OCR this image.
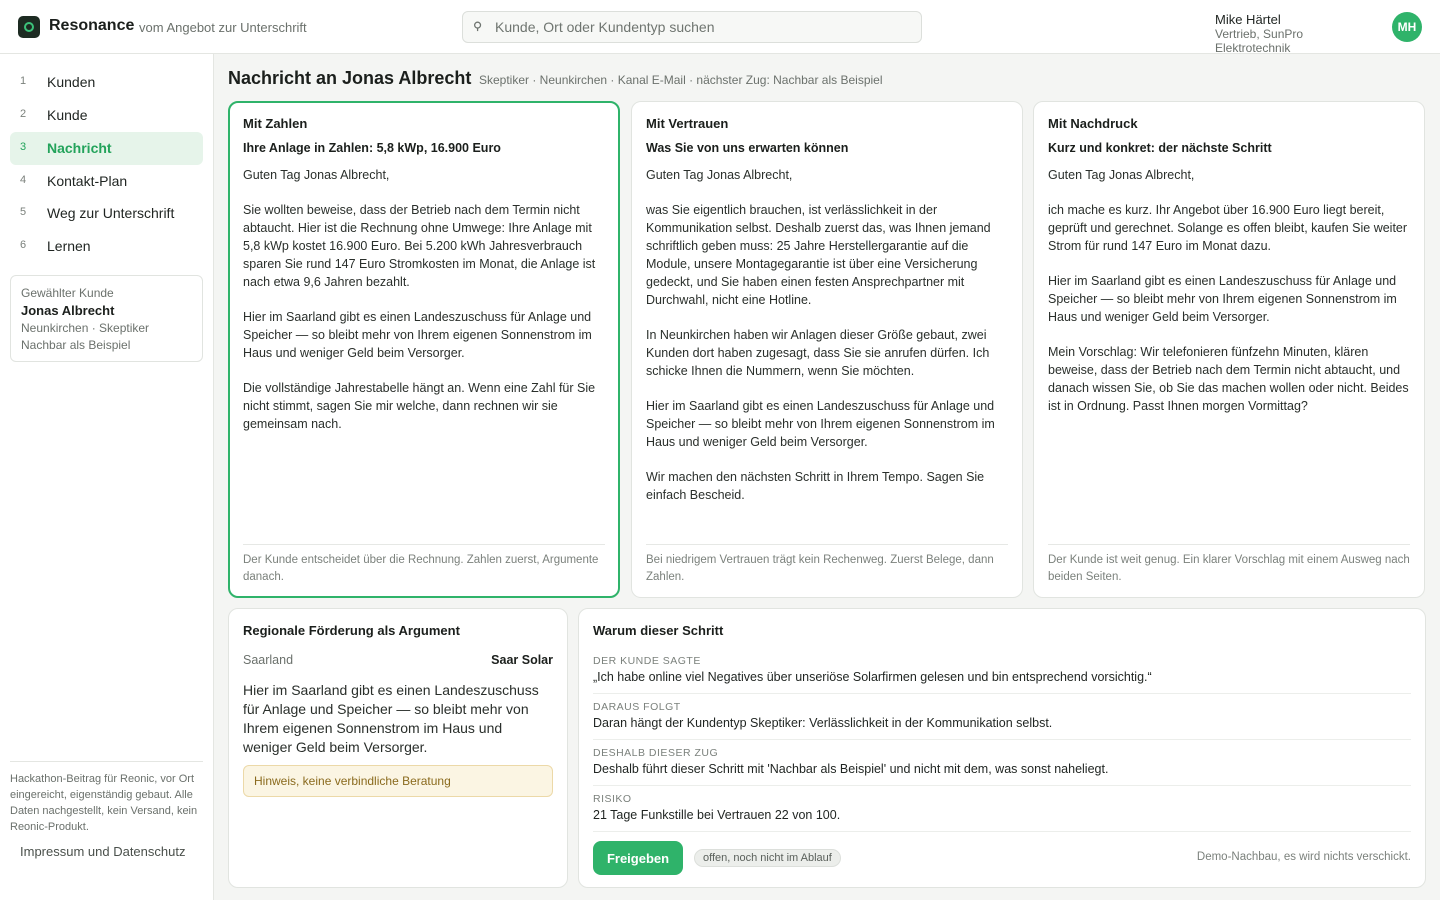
Resonance vom Angebot zur Unterschrift
Kunde, Ort oder Kundentyp suchen
Mike Härtel
Vertrieb, SunPro Elektrotechnik
MH
1 Kunden
2 Kunde
3 Nachricht
4 Kontakt-Plan
5 Weg zur Unterschrift
6 Lernen
Gewählter Kunde
Jonas Albrecht
Neunkirchen · Skeptiker
Nachbar als Beispiel
Hackathon-Beitrag für Reonic, vor Ort eingereicht, eigenständig gebaut. Alle Daten nachgestellt, kein Versand, kein Reonic-Produkt.
Impressum und Datenschutz
Nachricht an Jonas Albrecht Skeptiker · Neunkirchen · Kanal E-Mail · nächster Zug: Nachbar als Beispiel
Mit Zahlen
Ihre Anlage in Zahlen: 5,8 kWp, 16.900 Euro

Guten Tag Jonas Albrecht,

Sie wollten beweise, dass der Betrieb nach dem Termin nicht abtaucht. Hier ist die Rechnung ohne Umwege: Ihre Anlage mit 5,8 kWp kostet 16.900 Euro. Bei 5.200 kWh Jahresverbrauch sparen Sie rund 147 Euro Stromkosten im Monat, die Anlage ist nach etwa 9,6 Jahren bezahlt.

Hier im Saarland gibt es einen Landeszuschuss für Anlage und Speicher — so bleibt mehr von Ihrem eigenen Sonnenstrom im Haus und weniger Geld beim Versorger.

Die vollständige Jahrestabelle hängt an. Wenn eine Zahl für Sie nicht stimmt, sagen Sie mir welche, dann rechnen wir sie gemeinsam nach.

Der Kunde entscheidet über die Rechnung. Zahlen zuerst, Argumente danach.
Mit Vertrauen
Was Sie von uns erwarten können

Guten Tag Jonas Albrecht,

was Sie eigentlich brauchen, ist verlässlichkeit in der Kommunikation selbst. Deshalb zuerst das, was Ihnen jemand schriftlich geben muss: 25 Jahre Herstellergarantie auf die Module, unsere Montagegarantie ist über eine Versicherung gedeckt, und Sie haben einen festen Ansprechpartner mit Durchwahl, nicht eine Hotline.

In Neunkirchen haben wir Anlagen dieser Größe gebaut, zwei Kunden dort haben zugesagt, dass Sie sie anrufen dürfen. Ich schicke Ihnen die Nummern, wenn Sie möchten.

Hier im Saarland gibt es einen Landeszuschuss für Anlage und Speicher — so bleibt mehr von Ihrem eigenen Sonnenstrom im Haus und weniger Geld beim Versorger.

Wir machen den nächsten Schritt in Ihrem Tempo. Sagen Sie einfach Bescheid.

Bei niedrigem Vertrauen trägt kein Rechenweg. Zuerst Belege, dann Zahlen.
Mit Nachdruck
Kurz und konkret: der nächste Schritt

Guten Tag Jonas Albrecht,

ich mache es kurz. Ihr Angebot über 16.900 Euro liegt bereit, geprüft und gerechnet. Solange es offen bleibt, kaufen Sie weiter Strom für rund 147 Euro im Monat dazu.

Hier im Saarland gibt es einen Landeszuschuss für Anlage und Speicher — so bleibt mehr von Ihrem eigenen Sonnenstrom im Haus und weniger Geld beim Versorger.

Mein Vorschlag: Wir telefonieren fünfzehn Minuten, klären beweise, dass der Betrieb nach dem Termin nicht abtaucht, und danach wissen Sie, ob Sie das machen wollen oder nicht. Beides ist in Ordnung. Passt Ihnen morgen Vormittag?

Der Kunde ist weit genug. Ein klarer Vorschlag mit einem Ausweg nach beiden Seiten.
Regionale Förderung als Argument
Saarland	Saar Solar
Hier im Saarland gibt es einen Landeszuschuss für Anlage und Speicher — so bleibt mehr von Ihrem eigenen Sonnenstrom im Haus und weniger Geld beim Versorger.
Hinweis, keine verbindliche Beratung
Warum dieser Schritt
DER KUNDE SAGTE
„Ich habe online viel Negatives über unseriöse Solarfirmen gelesen und bin entsprechend vorsichtig.“
DARAUS FOLGT
Daran hängt der Kundentyp Skeptiker: Verlässlichkeit in der Kommunikation selbst.
DESHALB DIESER ZUG
Deshalb führt dieser Schritt mit 'Nachbar als Beispiel' und nicht mit dem, was sonst naheliegt.
RISIKO
21 Tage Funkstille bei Vertrauen 22 von 100.
Freigeben	offen, noch nicht im Ablauf	Demo-Nachbau, es wird nichts verschickt.
